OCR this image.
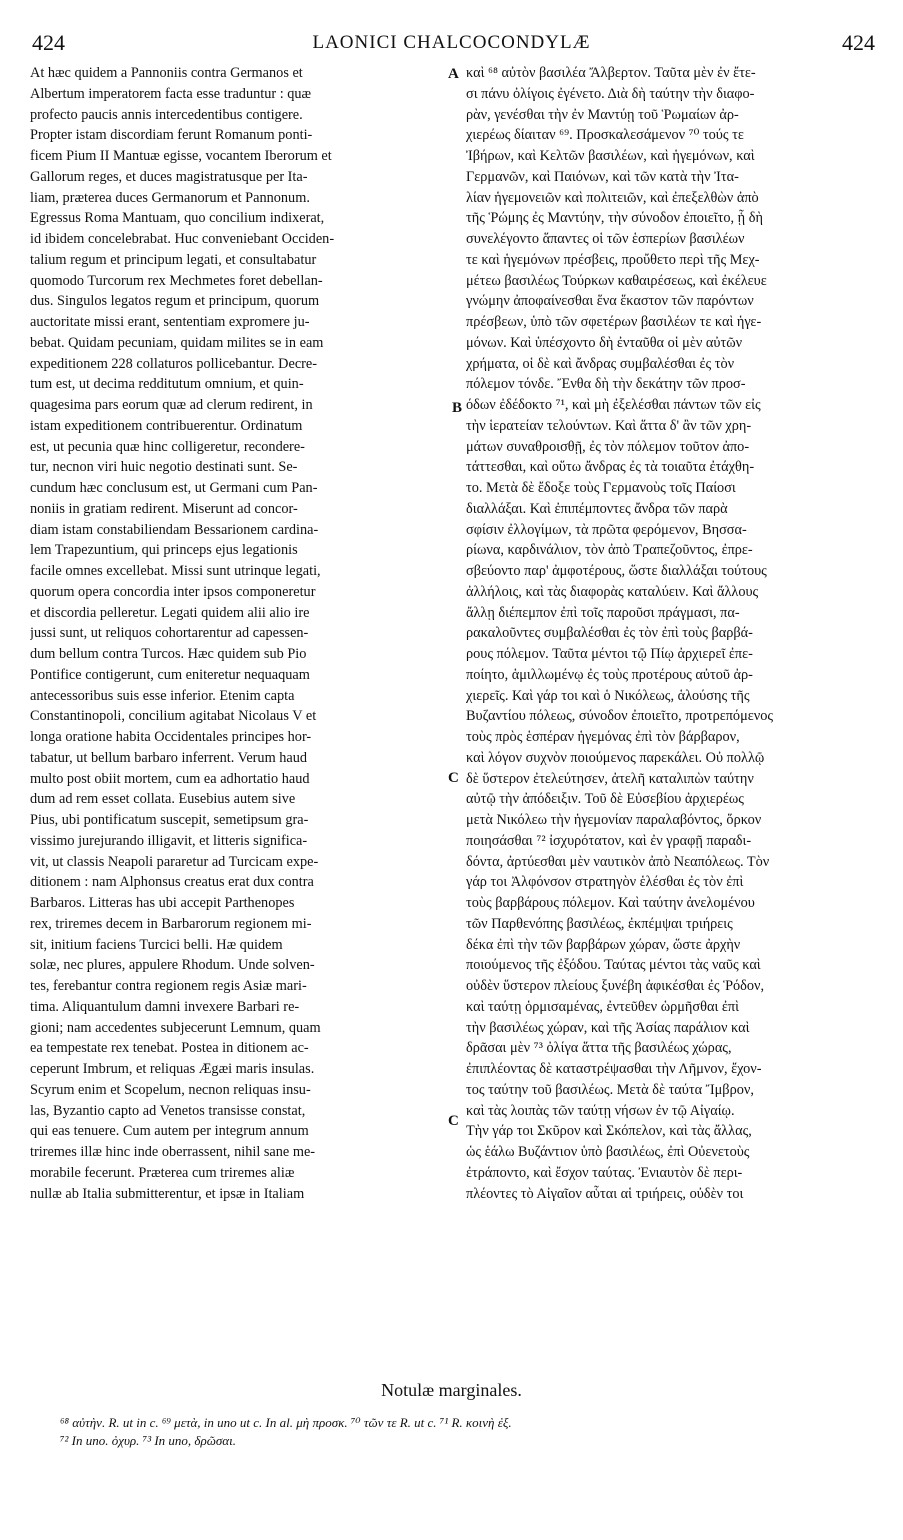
424	LAONICI CHALCOCONDYLÆ	424
A
B
C
C
At hæc quidem a Pannoniis contra Germanos et
Albertum imperatorem facta esse traduntur : quæ
profecto paucis annis intercedentibus contigere.
Propter istam discordiam ferunt Romanum ponti-
ficem Pium II Mantuæ egisse, vocantem Iberorum et
Gallorum reges, et duces magistratusque per Ita-
liam, præterea duces Germanorum et Pannonum.
Egressus Roma Mantuam, quo concilium indixerat,
id ibidem concelebrabat. Huc conveniebant Occiden-
talium regum et principum legati, et consultabatur
quomodo Turcorum rex Mechmetes foret debellan-
dus. Singulos legatos regum et principum, quorum
auctoritate missi erant, sententiam expromere ju-
bebat. Quidam pecuniam, quidam milites se in eam
expeditionem 228 collaturos pollicebantur. Decre-
tum est, ut decima redditutum omnium, et quin-
quagesima pars eorum quæ ad clerum redirent, in
istam expeditionem contribuerentur. Ordinatum
est, ut pecunia quæ hinc colligeretur, recondere-
tur, necnon viri huic negotio destinati sunt. Se-
cundum hæc conclusum est, ut Germani cum Pan-
noniis in gratiam redirent. Miserunt ad concor-
diam istam constabiliendam Bessarionem cardina-
lem Trapezuntium, qui princeps ejus legationis
facile omnes excellebat. Missi sunt utrinque legati,
quorum opera concordia inter ipsos componeretur
et discordia pelleretur. Legati quidem alii alio ire
jussi sunt, ut reliquos cohortarentur ad capessen-
dum bellum contra Turcos. Hæc quidem sub Pio
Pontifice contigerunt, cum eniteretur nequaquam
antecessoribus suis esse inferior. Etenim capta
Constantinopoli, concilium agitabat Nicolaus V et
longa oratione habita Occidentales principes hor-
tabatur, ut bellum barbaro inferrent. Verum haud
multo post obiit mortem, cum ea adhortatio haud
dum ad rem esset collata. Eusebius autem sive
Pius, ubi pontificatum suscepit, semetipsum gra-
vissimo jurejurando illigavit, et litteris significa-
vit, ut classis Neapoli pararetur ad Turcicam expe-
ditionem : nam Alphonsus creatus erat dux contra
Barbaros. Litteras has ubi accepit Parthenopes
rex, triremes decem in Barbarorum regionem mi-
sit, initium faciens Turcici belli. Hæ quidem
solæ, nec plures, appulere Rhodum. Unde solven-
tes, ferebantur contra regionem regis Asiæ mari-
tima. Aliquantulum damni invexere Barbari re-
gioni; nam accedentes subjecerunt Lemnum, quam
ea tempestate rex tenebat. Postea in ditionem ac-
ceperunt Imbrum, et reliquas Ægæi maris insulas.
Scyrum enim et Scopelum, necnon reliquas insu-
las, Byzantio capto ad Venetos transisse constat,
qui eas tenuere. Cum autem per integrum annum
triremes illæ hinc inde oberrassent, nihil sane me-
morabile fecerunt. Præterea cum triremes aliæ
nullæ ab Italia submitterentur, et ipsæ in Italiam
καὶ ⁶⁸ αὐτὸν βασιλέα Ἄλβερτον. Ταῦτα μὲν ἐν ἔτε-
σι πάνυ ὀλίγοις ἐγένετο. Διὰ δὴ ταύτην τὴν διαφο-
ρὰν, γενέσθαι τὴν ἐν Μαντύῃ τοῦ Ῥωμαίων ἀρ-
χιερέως δίαιταν ⁶⁹. Προσκαλεσάμενον ⁷⁰ τούς τε
Ἰβήρων, καὶ Κελτῶν βασιλέων, καὶ ἡγεμόνων, καὶ
Γερμανῶν, καὶ Παιόνων, καὶ τῶν κατὰ τὴν Ἰτα-
λίαν ἡγεμονειῶν καὶ πολιτειῶν, καὶ ἐπεξελθὼν ἀπὸ
τῆς Ῥώμης ἐς Μαντύην, τὴν σύνοδον ἐποιεῖτο, ᾗ δὴ
συνελέγοντο ἅπαντες οἱ τῶν ἑσπερίων βασιλέων
τε καὶ ἡγεμόνων πρέσβεις, προὔθετο περὶ τῆς Μεχ-
μέτεω βασιλέως Τούρκων καθαιρέσεως, καὶ ἐκέλευε
γνώμην ἀποφαίνεσθαι ἕνα ἕκαστον τῶν παρόντων
πρέσβεων, ὑπὸ τῶν σφετέρων βασιλέων τε καὶ ἡγε-
μόνων. Καὶ ὑπέσχοντο δὴ ἐνταῦθα οἱ μὲν αὐτῶν
χρήματα, οἱ δὲ καὶ ἄνδρας συμβαλέσθαι ἐς τὸν
πόλεμον τόνδε. Ἔνθα δὴ τὴν δεκάτην τῶν προσ-
όδων ἐδέδοκτο ⁷¹, καὶ μὴ ἐξελέσθαι πάντων τῶν εἰς
τὴν ἱερατείαν τελούντων. Καὶ ἅττα δ' ἂν τῶν χρη-
μάτων συναθροισθῇ, ἐς τὸν πόλεμον τοῦτον ἀπο-
τάττεσθαι, καὶ οὕτω ἄνδρας ἐς τὰ τοιαῦτα ἐτάχθη-
το. Μετὰ δὲ ἔδοξε τοὺς Γερμανοὺς τοῖς Παίοσι
διαλλάξαι. Καὶ ἐπιπέμποντες ἄνδρα τῶν παρὰ
σφίσιν ἐλλογίμων, τὰ πρῶτα φερόμενον, Βησσα-
ρίωνα, καρδινάλιον, τὸν ἀπὸ Τραπεζοῦντος, ἐπρε-
σβεύοντο παρ' ἀμφοτέρους, ὥστε διαλλάξαι τούτους
ἀλλήλοις, καὶ τὰς διαφορὰς καταλύειν. Καὶ ἄλλους
ἄλλῃ διέπεμπον ἐπὶ τοῖς παροῦσι πράγμασι, πα-
ρακαλοῦντες συμβαλέσθαι ἐς τὸν ἐπὶ τοὺς βαρβά-
ρους πόλεμον. Ταῦτα μέντοι τῷ Πίῳ ἀρχιερεῖ ἐπε-
ποίητο, ἁμιλλωμένῳ ἐς τοὺς προτέρους αὐτοῦ ἀρ-
χιερεῖς. Καὶ γάρ τοι καὶ ὁ Νικόλεως, ἁλούσης τῆς
Βυζαντίου πόλεως, σύνοδον ἐποιεῖτο, προτρεπόμενος
τοὺς πρὸς ἑσπέραν ἡγεμόνας ἐπὶ τὸν βάρβαρον,
καὶ λόγον συχνὸν ποιούμενος παρεκάλει. Οὐ πολλῷ
δὲ ὕστερον ἐτελεύτησεν, ἀτελῆ καταλιπὼν ταύτην
αὐτῷ τὴν ἀπόδειξιν. Τοῦ δὲ Εὐσεβίου ἀρχιερέως
μετὰ Νικόλεω τὴν ἡγεμονίαν παραλαβόντος, ὅρκον
ποιησάσθαι ⁷² ἰσχυρότατον, καὶ ἐν γραφῇ παραδι-
δόντα, ἀρτύεσθαι μὲν ναυτικὸν ἀπὸ Νεαπόλεως. Τὸν
γάρ τοι Ἀλφόνσον στρατηγὸν ἑλέσθαι ἐς τὸν ἐπὶ
τοὺς βαρβάρους πόλεμον. Καὶ ταύτην ἀνελομένου
τῶν Παρθενόπης βασιλέως, ἐκπέμψαι τριήρεις
δέκα ἐπὶ τὴν τῶν βαρβάρων χώραν, ὥστε ἀρχὴν
ποιούμενος τῆς ἐξόδου. Ταύτας μέντοι τὰς ναῦς καὶ
οὐδὲν ὕστερον πλείους ξυνέβη ἀφικέσθαι ἐς Ῥόδον,
καὶ ταύτῃ ὁρμισαμένας, ἐντεῦθεν ὡρμῆσθαι ἐπὶ
τὴν βασιλέως χώραν, καὶ τῆς Ἀσίας παράλιον καὶ
δρᾶσαι μὲν ⁷³ ὀλίγα ἅττα τῆς βασιλέως χώρας,
ἐπιπλέοντας δὲ καταστρέψασθαι τὴν Λῆμνον, ἔχον-
τος ταύτην τοῦ βασιλέως. Μετὰ δὲ ταύτα Ἴμβρον,
καὶ τὰς λοιπὰς τῶν ταύτῃ νήσων ἐν τῷ Αἰγαίῳ.
Τὴν γάρ τοι Σκῦρον καὶ Σκόπελον, καὶ τὰς ἄλλας,
ὡς ἑάλω Βυζάντιον ὑπὸ βασιλέως, ἐπὶ Οὐενετοὺς
ἐτράποντο, καὶ ἔσχον ταύτας. Ἐνιαυτὸν δὲ περι-
πλέοντες τὸ Αἰγαῖον αὗται αἱ τριήρεις, οὐδὲν τοι
Notulæ marginales.
⁶⁸ αὐτὴν. R. ut in c. ⁶⁹ μετὰ, in uno ut c. In al. μὴ προσκ. ⁷⁰ τῶν τε R. ut c. ⁷¹ R. κοινὴ ἐξ.
⁷² In uno. ὀχυρ. ⁷³ In uno, δρῶσαι.
